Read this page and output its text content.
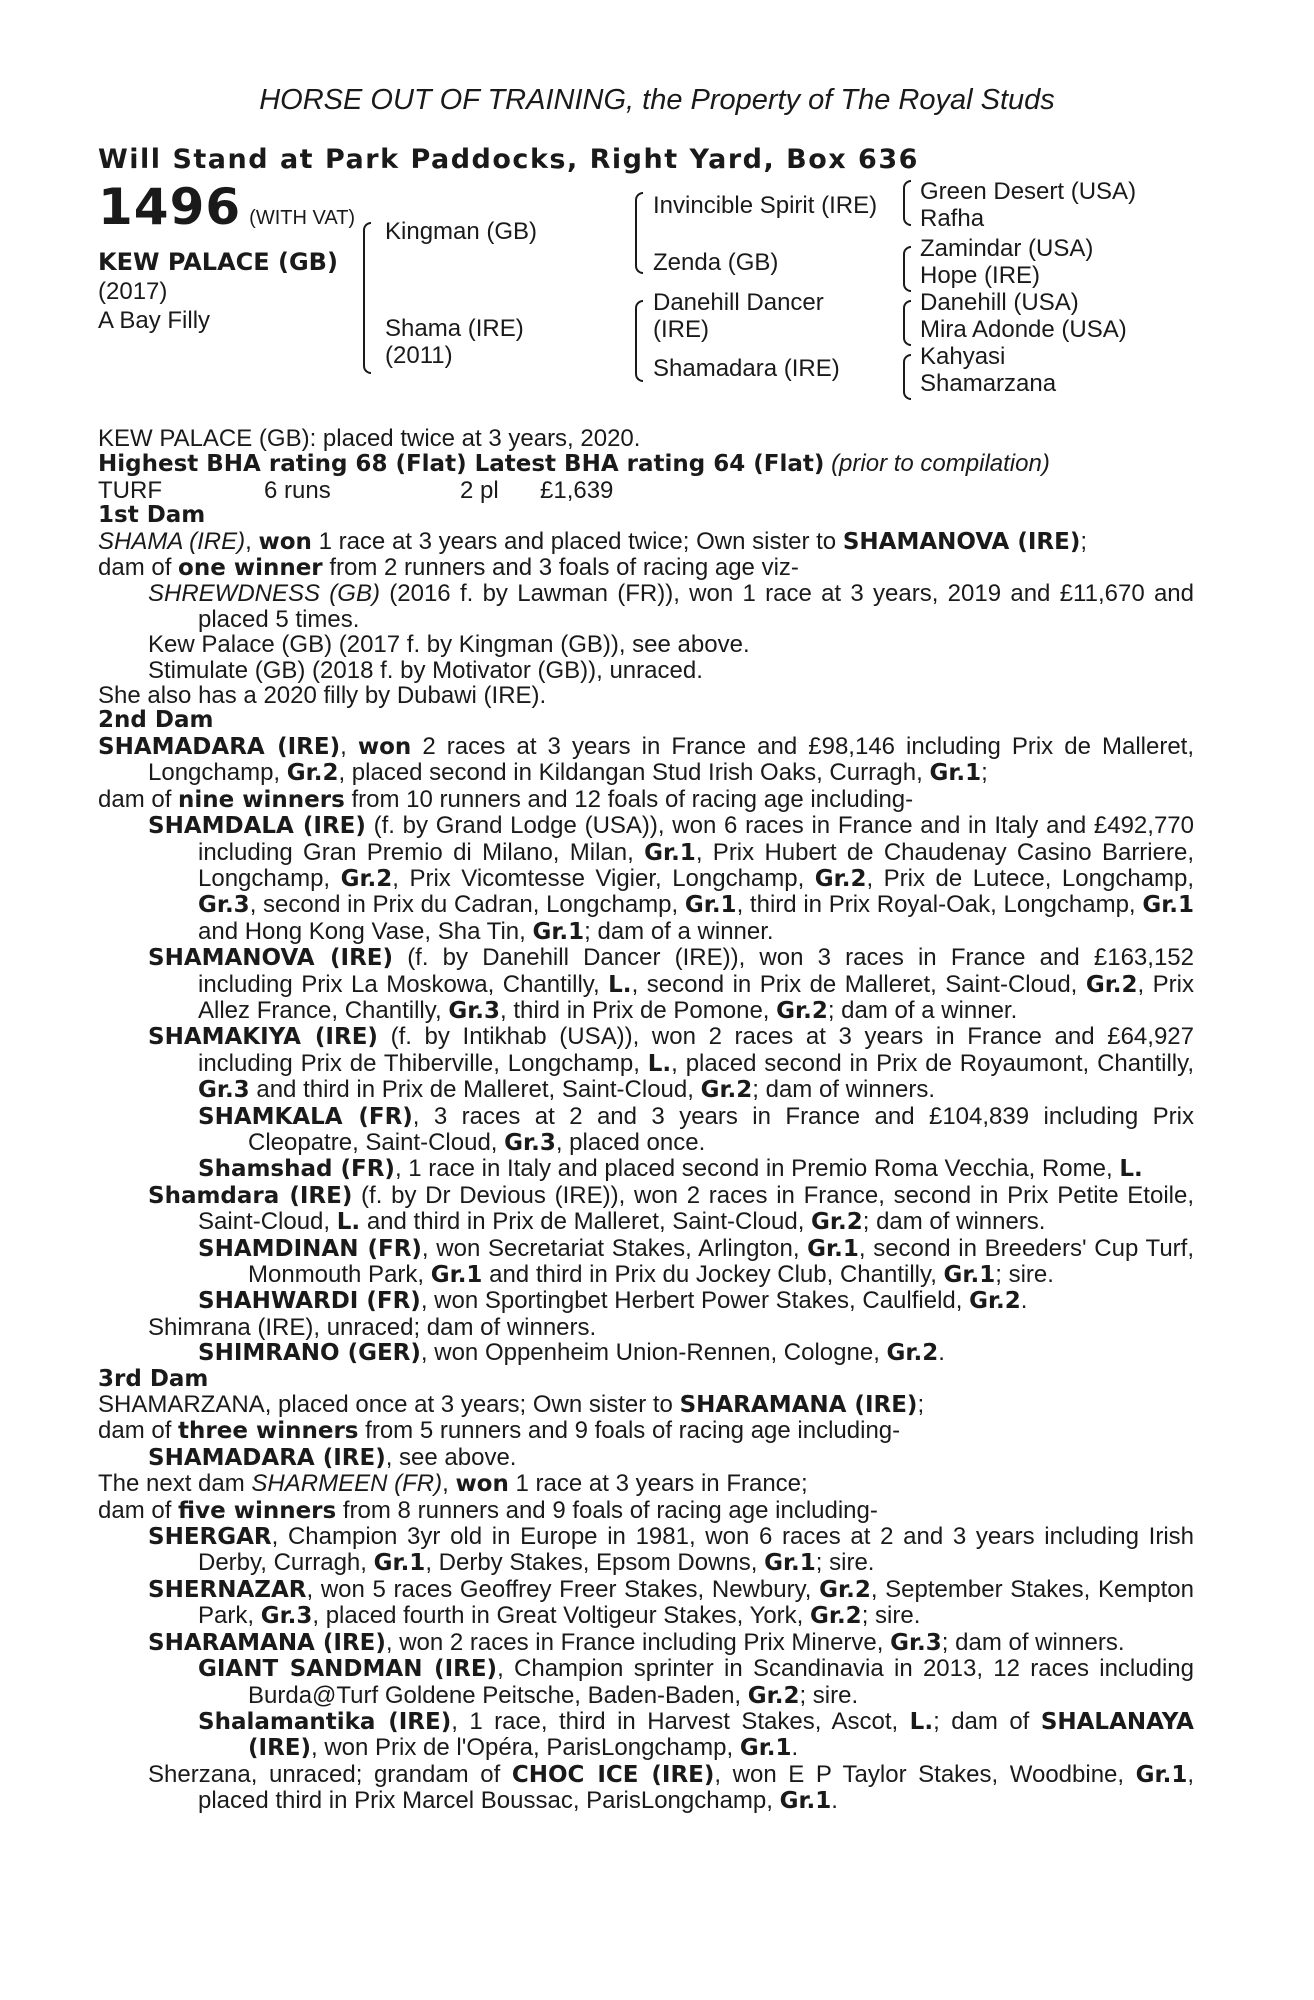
HORSE OUT OF TRAINING, the Property of The Royal Studs
Will Stand at Park Paddocks, Right Yard, Box 636
1496 (WITH VAT)
KEW PALACE (GB)
(2017)
A Bay Filly
Kingman (GB)
Shama (IRE)
(2011)
Invincible Spirit (IRE)
Zenda (GB)
Danehill Dancer
(IRE)
Shamadara (IRE)
Green Desert (USA)
Rafha
Zamindar (USA)
Hope (IRE)
Danehill (USA)
Mira Adonde (USA)
Kahyasi
Shamarzana

KEW PALACE (GB): placed twice at 3 years, 2020.

Highest BHA rating 68 (Flat) Latest BHA rating 64 (Flat) (prior to compilation)

TURF	6 runs	2 pl £1,639

1st Dam

SHAMA (IRE), won 1 race at 3 years and placed twice; Own sister to SHAMANOVA (IRE);

dam of one winner from 2 runners and 3 foals of racing age viz-

SHREWDNESS (GB) (2016 f. by Lawman (FR)), won 1 race at 3 years, 2019 and £11,670 and placed 5 times.

Kew Palace (GB) (2017 f. by Kingman (GB)), see above.

Stimulate (GB) (2018 f. by Motivator (GB)), unraced.

She also has a 2020 filly by Dubawi (IRE).

2nd Dam

SHAMADARA (IRE), won 2 races at 3 years in France and £98,146 including Prix de Malleret, Longchamp, Gr.2, placed second in Kildangan Stud Irish Oaks, Curragh, Gr.1;

dam of nine winners from 10 runners and 12 foals of racing age including-

SHAMDALA (IRE) (f. by Grand Lodge (USA)), won 6 races in France and in Italy and £492,770 including Gran Premio di Milano, Milan, Gr.1, Prix Hubert de Chaudenay Casino Barriere, Longchamp, Gr.2, Prix Vicomtesse Vigier, Longchamp, Gr.2, Prix de Lutece, Longchamp, Gr.3, second in Prix du Cadran, Longchamp, Gr.1, third in Prix Royal-Oak, Longchamp, Gr.1 and Hong Kong Vase, Sha Tin, Gr.1; dam of a winner.

SHAMANOVA (IRE) (f. by Danehill Dancer (IRE)), won 3 races in France and £163,152 including Prix La Moskowa, Chantilly, L., second in Prix de Malleret, Saint-Cloud, Gr.2, Prix Allez France, Chantilly, Gr.3, third in Prix de Pomone, Gr.2; dam of a winner.

SHAMAKIYA (IRE) (f. by Intikhab (USA)), won 2 races at 3 years in France and £64,927 including Prix de Thiberville, Longchamp, L., placed second in Prix de Royaumont, Chantilly, Gr.3 and third in Prix de Malleret, Saint-Cloud, Gr.2; dam of winners.

SHAMKALA (FR), 3 races at 2 and 3 years in France and £104,839 including Prix Cleopatre, Saint-Cloud, Gr.3, placed once.

Shamshad (FR), 1 race in Italy and placed second in Premio Roma Vecchia, Rome, L.

Shamdara (IRE) (f. by Dr Devious (IRE)), won 2 races in France, second in Prix Petite Etoile, Saint-Cloud, L. and third in Prix de Malleret, Saint-Cloud, Gr.2; dam of winners.

SHAMDINAN (FR), won Secretariat Stakes, Arlington, Gr.1, second in Breeders' Cup Turf, Monmouth Park, Gr.1 and third in Prix du Jockey Club, Chantilly, Gr.1; sire.

SHAHWARDI (FR), won Sportingbet Herbert Power Stakes, Caulfield, Gr.2.

Shimrana (IRE), unraced; dam of winners.

SHIMRANO (GER), won Oppenheim Union-Rennen, Cologne, Gr.2.

3rd Dam

SHAMARZANA, placed once at 3 years; Own sister to SHARAMANA (IRE);

dam of three winners from 5 runners and 9 foals of racing age including-

SHAMADARA (IRE), see above.

The next dam SHARMEEN (FR), won 1 race at 3 years in France;

dam of five winners from 8 runners and 9 foals of racing age including-

SHERGAR, Champion 3yr old in Europe in 1981, won 6 races at 2 and 3 years including Irish Derby, Curragh, Gr.1, Derby Stakes, Epsom Downs, Gr.1; sire.

SHERNAZAR, won 5 races Geoffrey Freer Stakes, Newbury, Gr.2, September Stakes, Kempton Park, Gr.3, placed fourth in Great Voltigeur Stakes, York, Gr.2; sire.

SHARAMANA (IRE), won 2 races in France including Prix Minerve, Gr.3; dam of winners.

GIANT SANDMAN (IRE), Champion sprinter in Scandinavia in 2013, 12 races including Burda@Turf Goldene Peitsche, Baden-Baden, Gr.2; sire.

Shalamantika (IRE), 1 race, third in Harvest Stakes, Ascot, L.; dam of SHALANAYA (IRE), won Prix de l'Opéra, ParisLongchamp, Gr.1.

Sherzana, unraced; grandam of CHOC ICE (IRE), won E P Taylor Stakes, Woodbine, Gr.1, placed third in Prix Marcel Boussac, ParisLongchamp, Gr.1.
